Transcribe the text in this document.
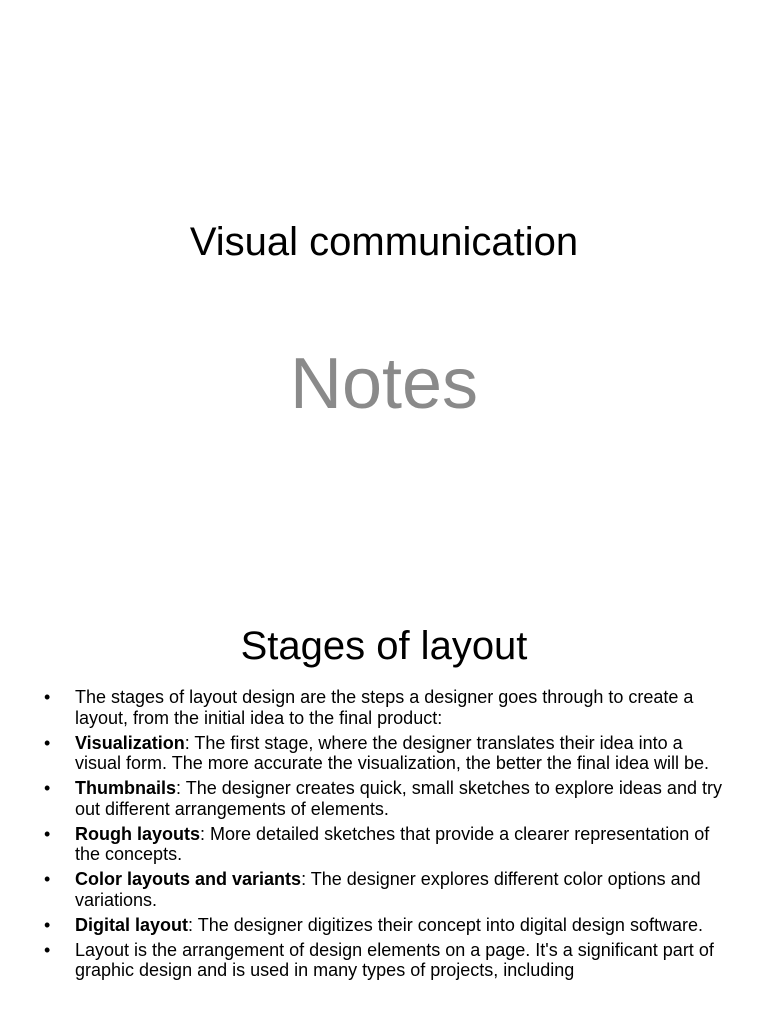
Visual communication
Notes
Stages of layout
• The stages of layout design are the steps a designer goes through to create a layout, from the initial idea to the final product:
• Visualization: The first stage, where the designer translates their idea into a visual form. The more accurate the visualization, the better the final idea will be.
• Thumbnails: The designer creates quick, small sketches to explore ideas and try out different arrangements of elements.
• Rough layouts: More detailed sketches that provide a clearer representation of the concepts.
• Color layouts and variants: The designer explores different color options and variations.
• Digital layout: The designer digitizes their concept into digital design software.
• Layout is the arrangement of design elements on a page. It's a significant part of graphic design and is used in many types of projects, including
